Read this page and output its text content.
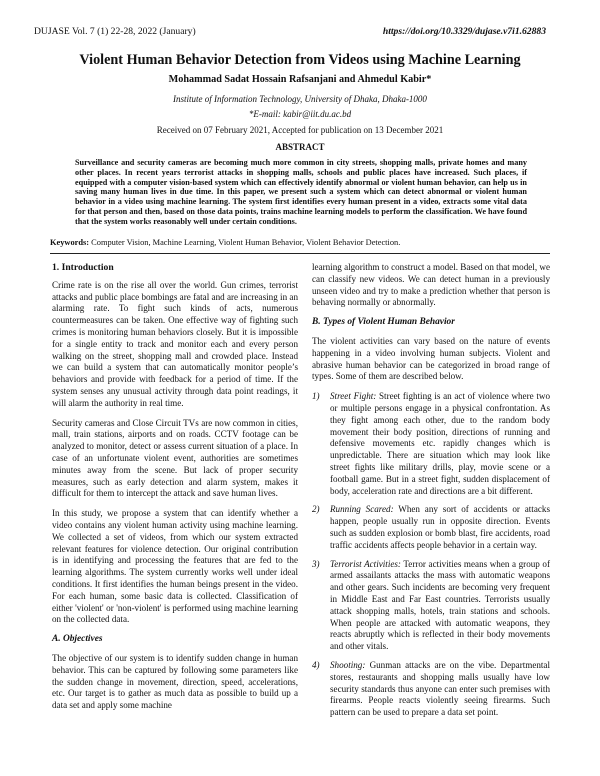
DUJASE Vol. 7 (1) 22-28, 2022 (January)	https://doi.org/10.3329/dujase.v7i1.62883
Violent Human Behavior Detection from Videos using Machine Learning
Mohammad Sadat Hossain Rafsanjani and Ahmedul Kabir*
Institute of Information Technology, University of Dhaka, Dhaka-1000
*E-mail: kabir@iit.du.ac.bd
Received on 07 February 2021, Accepted for publication on 13 December 2021
ABSTRACT
Surveillance and security cameras are becoming much more common in city streets, shopping malls, private homes and many other places. In recent years terrorist attacks in shopping malls, schools and public places have increased. Such places, if equipped with a computer vision-based system which can effectively identify abnormal or violent human behavior, can help us in saving many human lives in due time. In this paper, we present such a system which can detect abnormal or violent human behavior in a video using machine learning. The system first identifies every human present in a video, extracts some vital data for that person and then, based on those data points, trains machine learning models to perform the classification. We have found that the system works reasonably well under certain conditions.
Keywords: Computer Vision, Machine Learning, Violent Human Behavior, Violent Behavior Detection.
1. Introduction

Crime rate is on the rise all over the world. Gun crimes, terrorist attacks and public place bombings are fatal and are increasing in an alarming rate. To fight such kinds of acts, numerous countermeasures can be taken. One effective way of fighting such crimes is monitoring human behaviors closely. But it is impossible for a single entity to track and monitor each and every person walking on the street, shopping mall and crowded place. Instead we can build a system that can automatically monitor people’s behaviors and provide with feedback for a period of time. If the system senses any unusual activity through data point readings, it will alarm the authority in real time.

Security cameras and Close Circuit TVs are now common in cities, mall, train stations, airports and on roads. CCTV footage can be analyzed to monitor, detect or assess current situation of a place. In case of an unfortunate violent event, authorities are sometimes minutes away from the scene. But lack of proper security measures, such as early detection and alarm system, makes it difficult for them to intercept the attack and save human lives.

In this study, we propose a system that can identify whether a video contains any violent human activity using machine learning. We collected a set of videos, from which our system extracted relevant features for violence detection. Our original contribution is in identifying and processing the features that are fed to the learning algorithms. The system currently works well under ideal conditions. It first identifies the human beings present in the video. For each human, some basic data is collected. Classification of either 'violent' or 'non-violent' is performed using machine learning on the collected data.

A. Objectives

The objective of our system is to identify sudden change in human behavior. This can be captured by following some parameters like the sudden change in movement, direction, speed, accelerations, etc. Our target is to gather as much data as possible to build up a data set and apply some machine

learning algorithm to construct a model. Based on that model, we can classify new videos. We can detect human in a previously unseen video and try to make a prediction whether that person is behaving normally or abnormally.

B. Types of Violent Human Behavior

The violent activities can vary based on the nature of events happening in a video involving human subjects. Violent and abrasive human behavior can be categorized in broad range of types. Some of them are described below.

1)	Street Fight: Street fighting is an act of violence where two or multiple persons engage in a physical confrontation. As they fight among each other, due to the random body movement their body position, directions of running and defensive movements etc. rapidly changes which is unpredictable. There are situation which may look like street fights like military drills, play, movie scene or a football game. But in a street fight, sudden displacement of body, acceleration rate and directions are a bit different.
2)	Running Scared: When any sort of accidents or attacks happen, people usually run in opposite direction. Events such as sudden explosion or bomb blast, fire accidents, road traffic accidents affects people behavior in a certain way.
3)	Terrorist Activities: Terror activities means when a group of armed assailants attacks the mass with automatic weapons and other gears. Such incidents are becoming very frequent in Middle East and Far East countries. Terrorists usually attack shopping malls, hotels, train stations and schools. When people are attacked with automatic weapons, they reacts abruptly which is reflected in their body movements and other vitals.
4)	Shooting: Gunman attacks are on the vibe. Departmental stores, restaurants and shopping malls usually have low security standards thus anyone can enter such premises with firearms. People reacts violently seeing firearms. Such pattern can be used to prepare a data set point.
